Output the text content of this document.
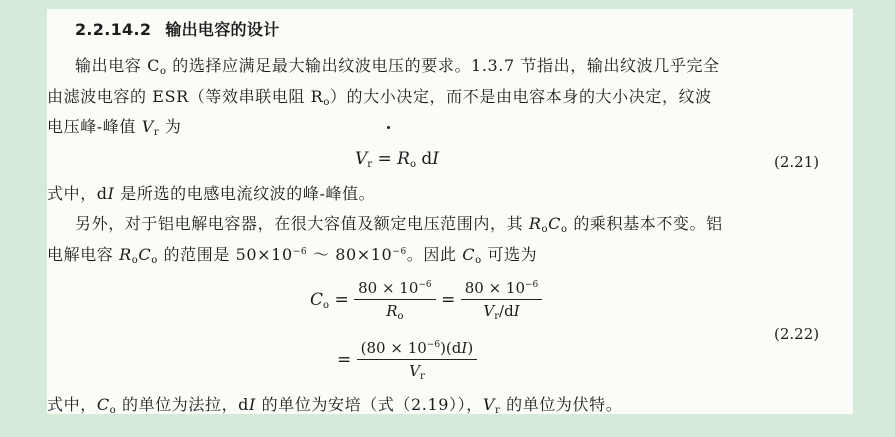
2.2.14.2 输出电容的设计
输出电容 $C_o$ 的选择应满足最大输出纹波电压的要求。1.3.7 节指出，输出纹波几乎完全
由滤波电容的 ESR（等效串联电阻 $R_o$）的大小决定，而不是由电容本身的大小决定，纹波
电压峰-峰值 $V_r$ 为
$V_r = R_o$ dI	(2.21)
式中，dI 是所选的电感电流纹波的峰-峰值。
另外，对于铝电解电容器，在很大容值及额定电压范围内，其 $R_oC_o$ 的乘积基本不变。铝
电解电容 $R_oC_o$ 的范围是 $50\times 10^{-6}$ ～ $80\times 10^{-6}$。因此 $C_o$ 可选为
$C_o = \frac{80 \times 10^{-6}}{R_o} = \frac{80 \times 10^{-6}}{V_r/dI}$
(2.22)
= $\frac{(80 \times 10^{-6})(dI)}{V_r}$
式中，$C_o$ 的单位为法拉，dI 的单位为安培（式（2.19）），$V_r$ 的单位为伏特。
